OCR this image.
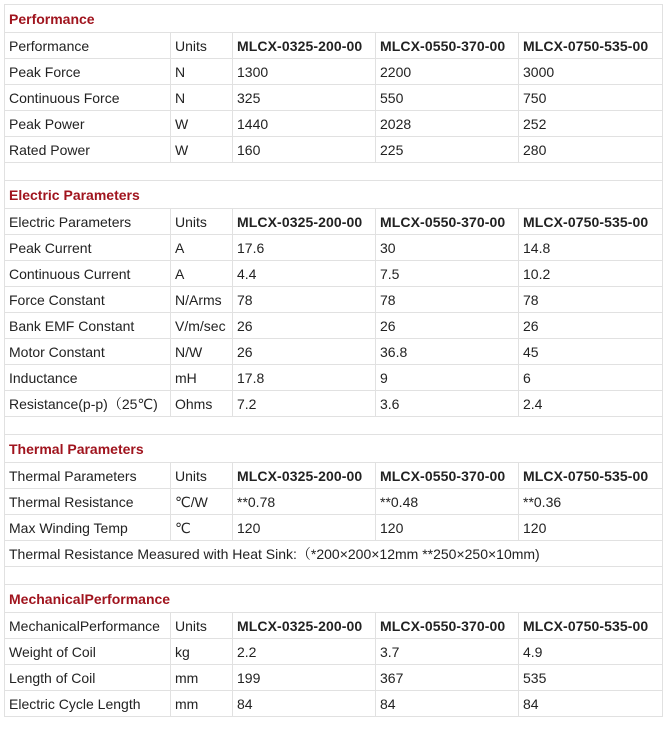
Performance				
Performance	Units	MLCX-0325-200-00	MLCX-0550-370-00	MLCX-0750-535-00
Peak Force	N	1300	2200	3000
Continuous Force	N	325	550	750
Peak Power	W	1440	2028	252
Rated Power	W	160	225	280

Electric Parameters				
Electric Parameters	Units	MLCX-0325-200-00	MLCX-0550-370-00	MLCX-0750-535-00
Peak Current	A	17.6	30	14.8
Continuous Current	A	4.4	7.5	10.2
Force Constant	N/Arms	78	78	78
Bank EMF Constant	V/m/sec	26	26	26
Motor Constant	N/W	26	36.8	45
Inductance	mH	17.8	9	6
Resistance(p-p)（25℃)	Ohms	7.2	3.6	2.4

Thermal Parameters				
Thermal Parameters	Units	MLCX-0325-200-00	MLCX-0550-370-00	MLCX-0750-535-00
Thermal Resistance	℃/W	**0.78	**0.48	**0.36
Max Winding Temp	℃	120	120	120
Thermal Resistance Measured with Heat Sink:（*200×200×12mm **250×250×10mm)				

MechanicalPerformance				
MechanicalPerformance	Units	MLCX-0325-200-00	MLCX-0550-370-00	MLCX-0750-535-00
Weight of Coil	kg	2.2	3.7	4.9
Length of Coil	mm	199	367	535
Electric Cycle Length	mm	84	84	84
